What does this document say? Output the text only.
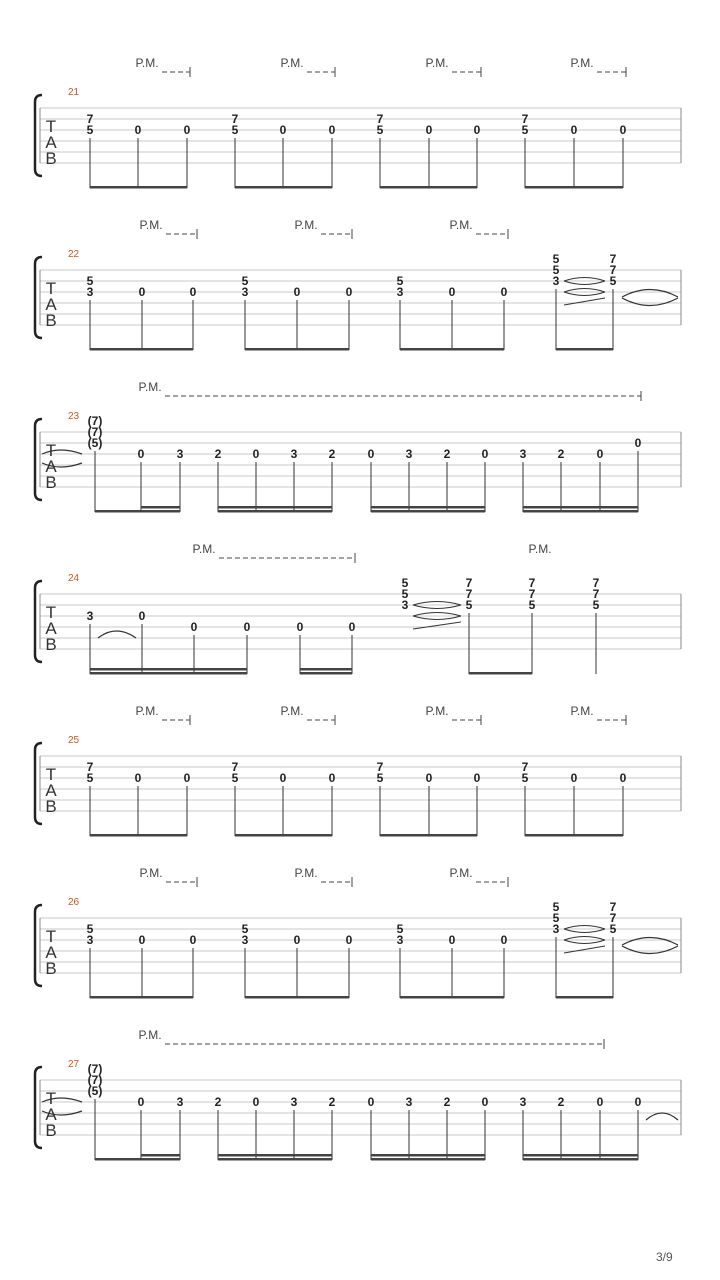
T
A
B
21
P.M.	P.M.	P.M.	P.M.
7
5	0	0
7
5	0	0
7
5	0	0
7
5	0	0
T
A
B
22
P.M.	P.M.	P.M.
5
3	0	0
5
3	0	0
5
3	0	0
5
5
3
7
7
5
T
A
B
23
P.M.
(7)
(7)
(5)
0	3	2	0	3	2	0	3	2	0	3	2	0
0
T
A
B
24
P.M.	P.M.
3	0
0	0	0	0
5
5
3
7
7
5
7
7
5
7
7
5
T
A
B
25
P.M.	P.M.	P.M.	P.M.
7
5	0	0
7
5	0	0
7
5	0	0
7
5	0	0
T
A
B
26
P.M.	P.M.	P.M.
5
3	0	0
5
3	0	0
5
3	0	0
5
5
3
7
7
5
T
A
B
27
P.M.
(7)
(7)
(5)
0	3	2	0	3	2	0	3	2	0	3	2	0	0
3/9
